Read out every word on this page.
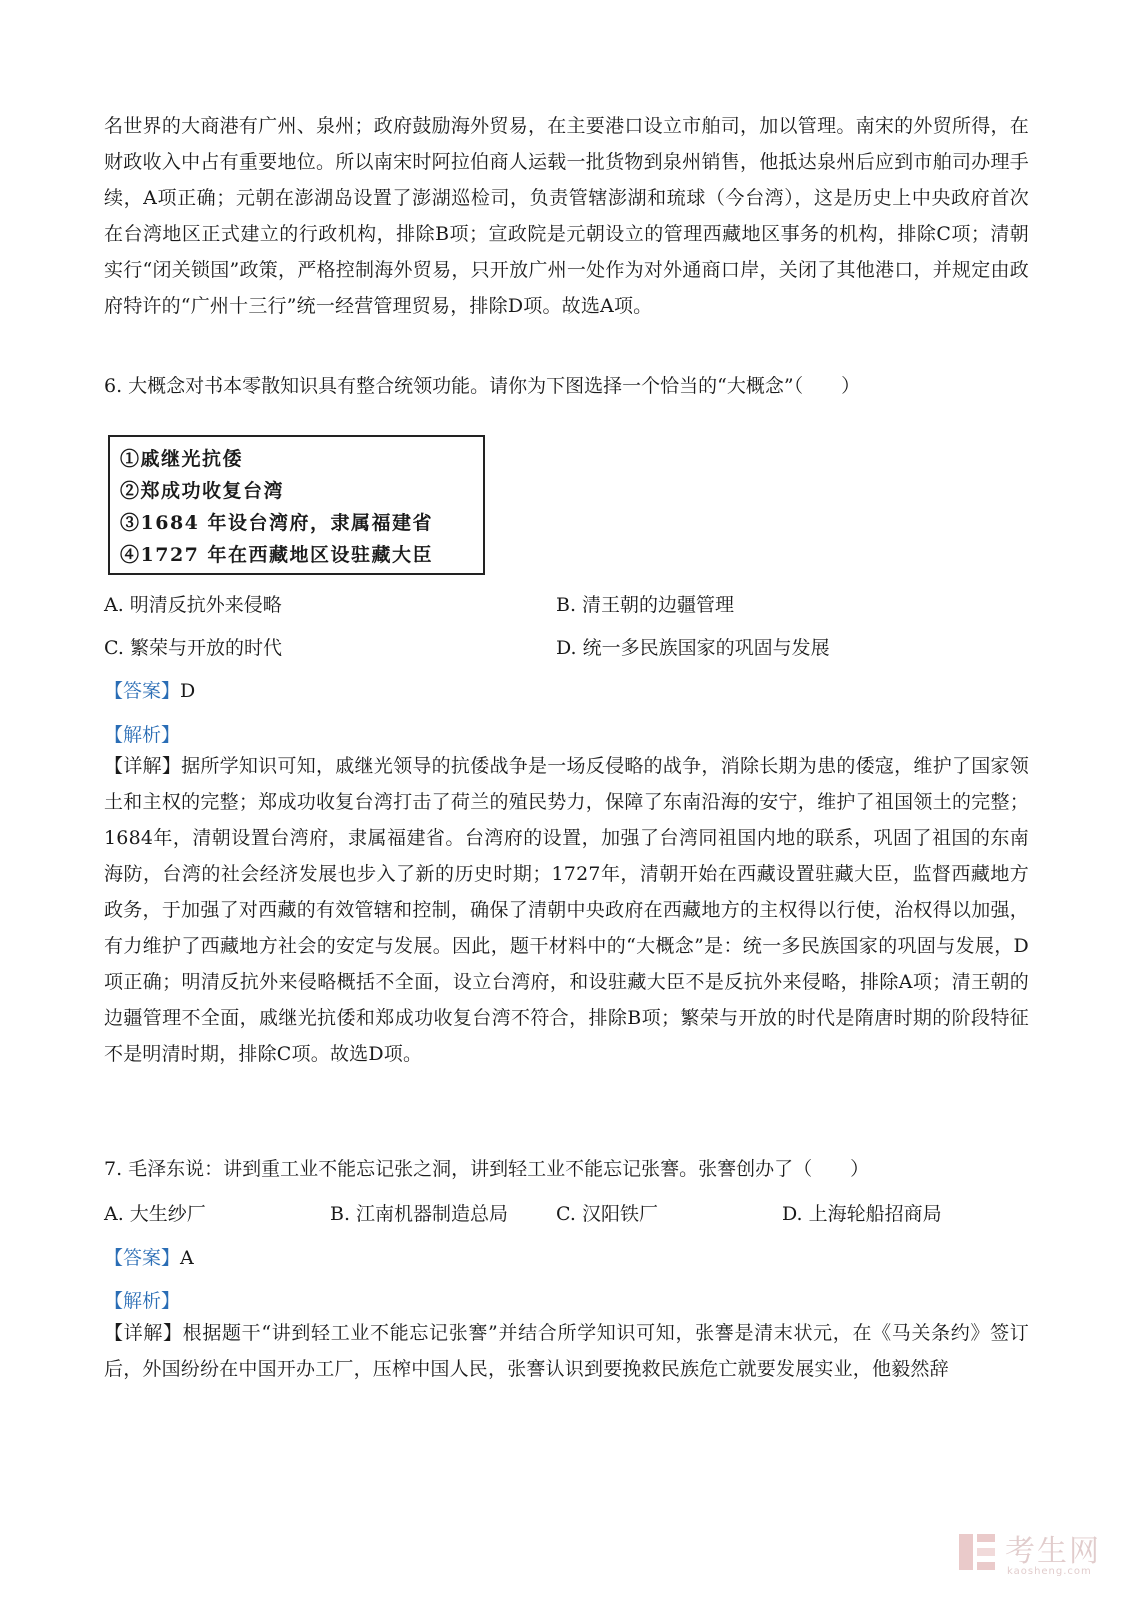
名世界的大商港有广州、泉州；政府鼓励海外贸易，在主要港口设立市舶司，加以管理。南宋的外贸所得，在财政收入中占有重要地位。所以南宋时阿拉伯商人运载一批货物到泉州销售，他抵达泉州后应到市舶司办理手续，A项正确；元朝在澎湖岛设置了澎湖巡检司，负责管辖澎湖和琉球（今台湾），这是历史上中央政府首次在台湾地区正式建立的行政机构，排除B项；宣政院是元朝设立的管理西藏地区事务的机构，排除C项；清朝实行“闭关锁国”政策，严格控制海外贸易，只开放广州一处作为对外通商口岸，关闭了其他港口，并规定由政府特许的“广州十三行”统一经营管理贸易，排除D项。故选A项。

6. 大概念对书本零散知识具有整合统领功能。请你为下图选择一个恰当的“大概念”（　　）
①戚继光抗倭
②郑成功收复台湾
③1684 年设台湾府，隶属福建省
④1727 年在西藏地区设驻藏大臣
A. 明清反抗外来侵略	B. 清王朝的边疆管理
C. 繁荣与开放的时代	D. 统一多民族国家的巩固与发展
【答案】D
【解析】

【详解】据所学知识可知，戚继光领导的抗倭战争是一场反侵略的战争，消除长期为患的倭寇，维护了国家领土和主权的完整；郑成功收复台湾打击了荷兰的殖民势力，保障了东南沿海的安宁，维护了祖国领土的完整；1684年，清朝设置台湾府，隶属福建省。台湾府的设置，加强了台湾同祖国内地的联系，巩固了祖国的东南海防，台湾的社会经济发展也步入了新的历史时期；1727年，清朝开始在西藏设置驻藏大臣，监督西藏地方政务，于加强了对西藏的有效管辖和控制，确保了清朝中央政府在西藏地方的主权得以行使，治权得以加强，有力维护了西藏地方社会的安定与发展。因此，题干材料中的“大概念”是：统一多民族国家的巩固与发展，D项正确；明清反抗外来侵略概括不全面，设立台湾府，和设驻藏大臣不是反抗外来侵略，排除A项；清王朝的边疆管理不全面，戚继光抗倭和郑成功收复台湾不符合，排除B项；繁荣与开放的时代是隋唐时期的阶段特征不是明清时期，排除C项。故选D项。

7. 毛泽东说：讲到重工业不能忘记张之洞，讲到轻工业不能忘记张謇。张謇创办了（　　）
A. 大生纱厂	B. 江南机器制造总局	C. 汉阳铁厂	D. 上海轮船招商局
【答案】A
【解析】

【详解】根据题干“讲到轻工业不能忘记张謇”并结合所学知识可知，张謇是清末状元，在《马关条约》签订后，外国纷纷在中国开办工厂，压榨中国人民，张謇认识到要挽救民族危亡就要发展实业，他毅然辞

考生网
kaosheng.com
